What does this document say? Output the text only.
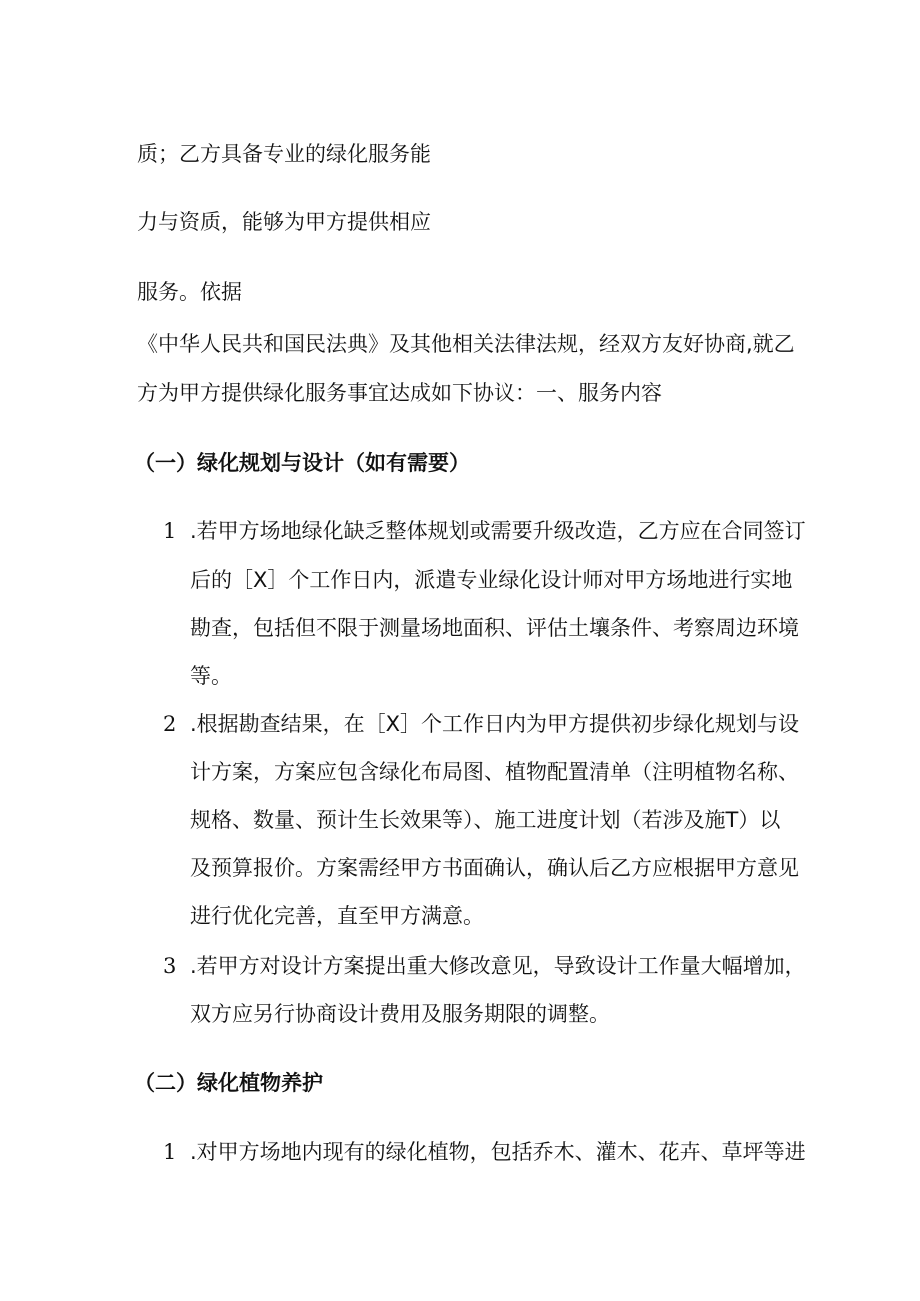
质；乙方具备专业的绿化服务能
力与资质，能够为甲方提供相应
服务。依据
《中华人民共和国民法典》及其他相关法律法规，经双方友好协商,就乙
方为甲方提供绿化服务事宜达成如下协议：一、服务内容
（一）绿化规划与设计（如有需要）
1 .若甲方场地绿化缺乏整体规划或需要升级改造，乙方应在合同签订
后的［X］个工作日内，派遣专业绿化设计师对甲方场地进行实地
勘查，包括但不限于测量场地面积、评估土壤条件、考察周边环境
等。
2 .根据勘查结果，在［X］个工作日内为甲方提供初步绿化规划与设
计方案，方案应包含绿化布局图、植物配置清单（注明植物名称、
规格、数量、预计生长效果等）、施工进度计划（若涉及施T）以
及预算报价。方案需经甲方书面确认，确认后乙方应根据甲方意见
进行优化完善，直至甲方满意。
3 .若甲方对设计方案提出重大修改意见，导致设计工作量大幅增加，
双方应另行协商设计费用及服务期限的调整。
（二）绿化植物养护
1 .对甲方场地内现有的绿化植物，包括乔木、灌木、花卉、草坪等进
